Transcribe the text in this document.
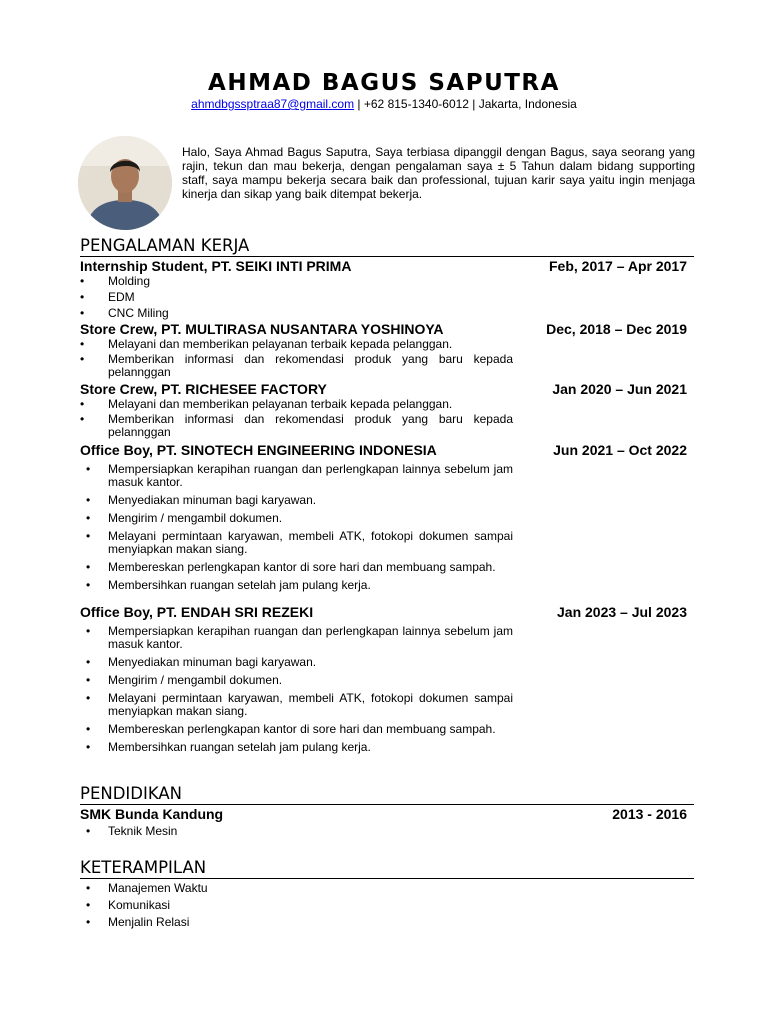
AHMAD BAGUS SAPUTRA
ahmdbgssptraa87@gmail.com | +62 815-1340-6012 | Jakarta, Indonesia
Halo, Saya Ahmad Bagus Saputra, Saya terbiasa dipanggil dengan Bagus, saya seorang yang rajin, tekun dan mau bekerja, dengan pengalaman saya ± 5 Tahun dalam bidang supporting staff, saya mampu bekerja secara baik dan professional, tujuan karir saya yaitu ingin menjaga kinerja dan sikap yang baik ditempat bekerja.
PENGALAMAN KERJA
Internship Student, PT. SEIKI INTI PRIMA	Feb, 2017 – Apr 2017
• Molding
• EDM
• CNC Miling
Store Crew, PT. MULTIRASA NUSANTARA YOSHINOYA	Dec, 2018 – Dec 2019
• Melayani dan memberikan pelayanan terbaik kepada pelanggan.
• Memberikan informasi dan rekomendasi produk yang baru kepada pelannggan
Store Crew, PT. RICHESEE FACTORY	Jan 2020 – Jun 2021
• Melayani dan memberikan pelayanan terbaik kepada pelanggan.
• Memberikan informasi dan rekomendasi produk yang baru kepada pelannggan
Office Boy, PT. SINOTECH ENGINEERING INDONESIA	Jun 2021 – Oct 2022
• Mempersiapkan kerapihan ruangan dan perlengkapan lainnya sebelum jam masuk kantor.
• Menyediakan minuman bagi karyawan.
• Mengirim / mengambil dokumen.
• Melayani permintaan karyawan, membeli ATK, fotokopi dokumen sampai menyiapkan makan siang.
• Membereskan perlengkapan kantor di sore hari dan membuang sampah.
• Membersihkan ruangan setelah jam pulang kerja.
Office Boy, PT. ENDAH SRI REZEKI	Jan 2023 – Jul 2023
• Mempersiapkan kerapihan ruangan dan perlengkapan lainnya sebelum jam masuk kantor.
• Menyediakan minuman bagi karyawan.
• Mengirim / mengambil dokumen.
• Melayani permintaan karyawan, membeli ATK, fotokopi dokumen sampai menyiapkan makan siang.
• Membereskan perlengkapan kantor di sore hari dan membuang sampah.
• Membersihkan ruangan setelah jam pulang kerja.
PENDIDIKAN
SMK Bunda Kandung	2013 - 2016
• Teknik Mesin
KETERAMPILAN
• Manajemen Waktu
• Komunikasi
• Menjalin Relasi
